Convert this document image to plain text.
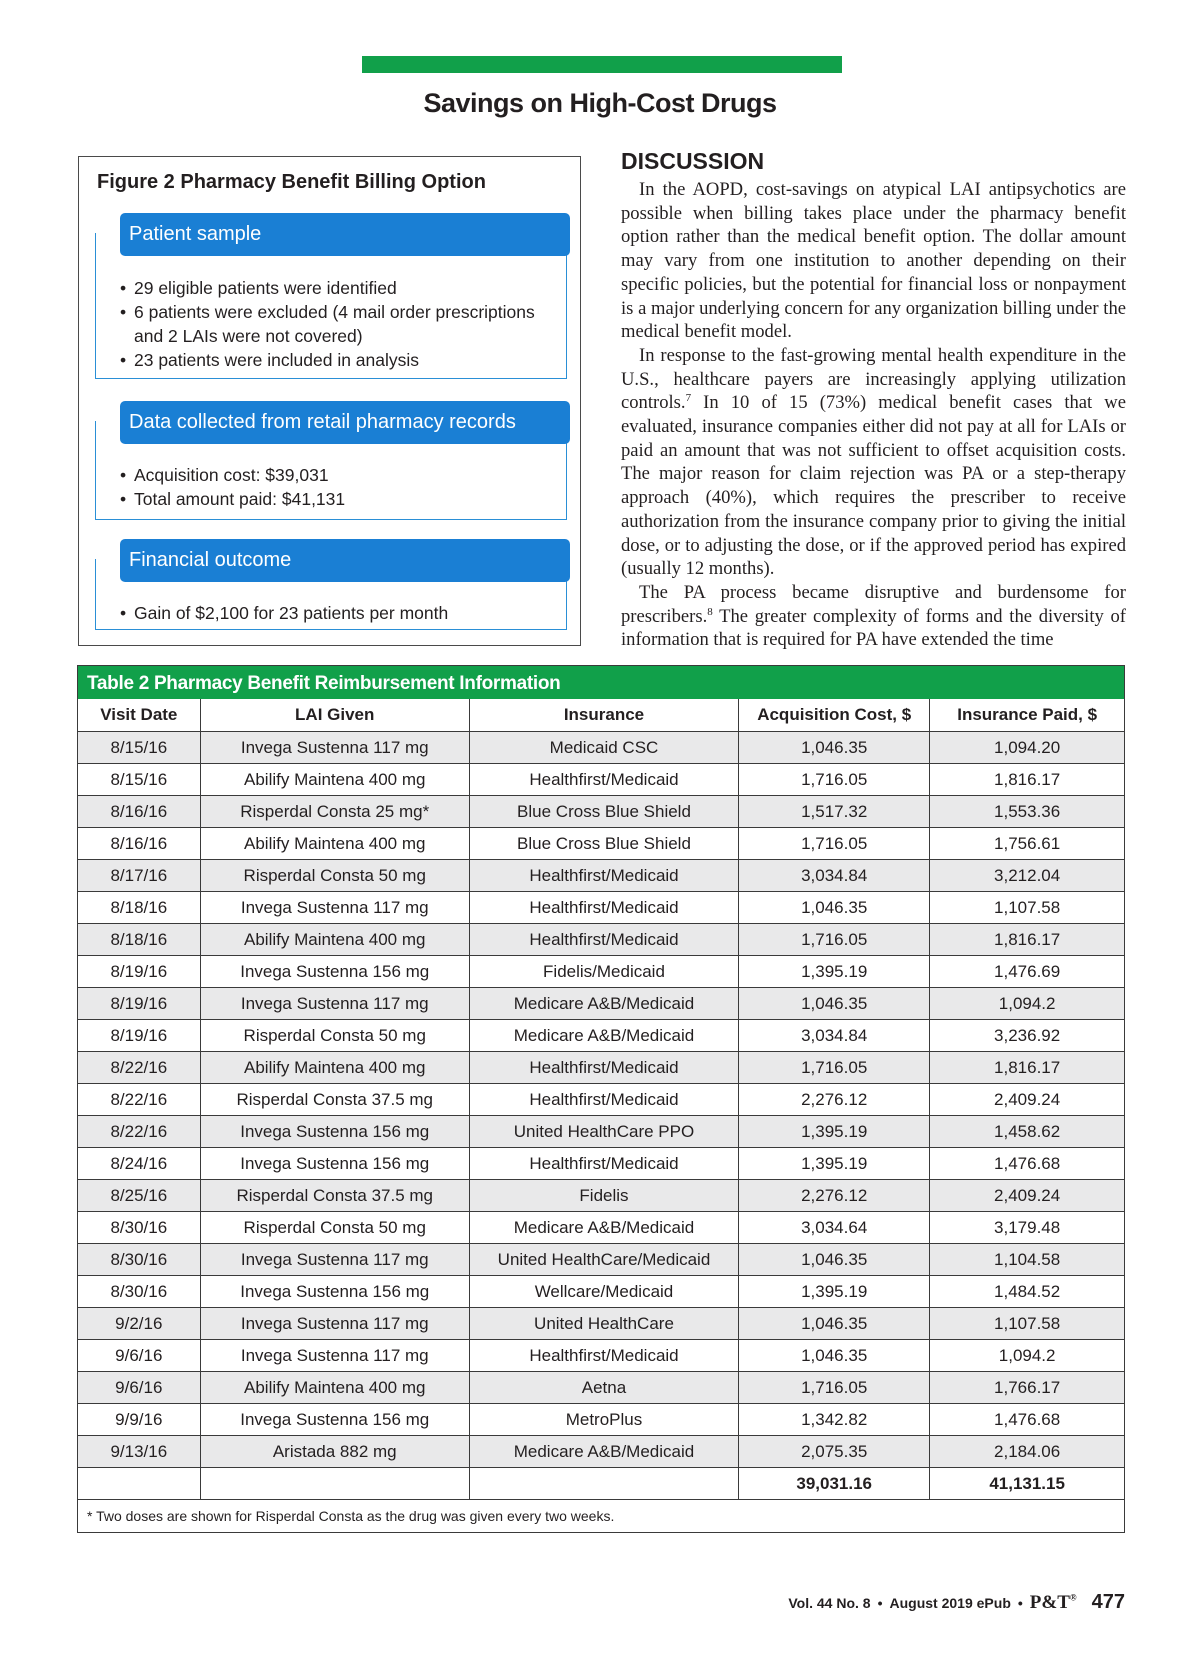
Savings on High-Cost Drugs
Figure 2 Pharmacy Benefit Billing Option
Patient sample
• 29 eligible patients were identified
• 6 patients were excluded (4 mail order prescriptions and 2 LAIs were not covered)
• 23 patients were included in analysis
Data collected from retail pharmacy records
• Acquisition cost: $39,031
• Total amount paid: $41,131
Financial outcome
• Gain of $2,100 for 23 patients per month
DISCUSSION

In the AOPD, cost-savings on atypical LAI antipsychotics are possible when billing takes place under the pharmacy benefit option rather than the medical benefit option. The dollar amount may vary from one institution to another depending on their specific policies, but the potential for financial loss or nonpayment is a major underlying concern for any organization billing under the medical benefit model.

In response to the fast-growing mental health expenditure in the U.S., healthcare payers are increasingly applying utilization controls.$^7$ In 10 of 15 (73%) medical benefit cases that we evaluated, insurance companies either did not pay at all for LAIs or paid an amount that was not sufficient to offset acquisition costs. The major reason for claim rejection was PA or a step-therapy approach (40%), which requires the prescriber to receive authorization from the insurance company prior to giving the initial dose, or to adjusting the dose, or if the approved period has expired (usually 12 months).

The PA process became disruptive and burdensome for prescribers.$^8$ The greater complexity of forms and the diversity of information that is required for PA have extended the time

Table 2 Pharmacy Benefit Reimbursement Information
Visit Date	LAI Given	Insurance	Acquisition Cost, $	Insurance Paid, $
8/15/16	Invega Sustenna 117 mg	Medicaid CSC	1,046.35	1,094.20
8/15/16	Abilify Maintena 400 mg	Healthfirst/Medicaid	1,716.05	1,816.17
8/16/16	Risperdal Consta 25 mg*	Blue Cross Blue Shield	1,517.32	1,553.36
8/16/16	Abilify Maintena 400 mg	Blue Cross Blue Shield	1,716.05	1,756.61
8/17/16	Risperdal Consta 50 mg	Healthfirst/Medicaid	3,034.84	3,212.04
8/18/16	Invega Sustenna 117 mg	Healthfirst/Medicaid	1,046.35	1,107.58
8/18/16	Abilify Maintena 400 mg	Healthfirst/Medicaid	1,716.05	1,816.17
8/19/16	Invega Sustenna 156 mg	Fidelis/Medicaid	1,395.19	1,476.69
8/19/16	Invega Sustenna 117 mg	Medicare A&B/Medicaid	1,046.35	1,094.2
8/19/16	Risperdal Consta 50 mg	Medicare A&B/Medicaid	3,034.84	3,236.92
8/22/16	Abilify Maintena 400 mg	Healthfirst/Medicaid	1,716.05	1,816.17
8/22/16	Risperdal Consta 37.5 mg	Healthfirst/Medicaid	2,276.12	2,409.24
8/22/16	Invega Sustenna 156 mg	United HealthCare PPO	1,395.19	1,458.62
8/24/16	Invega Sustenna 156 mg	Healthfirst/Medicaid	1,395.19	1,476.68
8/25/16	Risperdal Consta 37.5 mg	Fidelis	2,276.12	2,409.24
8/30/16	Risperdal Consta 50 mg	Medicare A&B/Medicaid	3,034.64	3,179.48
8/30/16	Invega Sustenna 117 mg	United HealthCare/Medicaid	1,046.35	1,104.58
8/30/16	Invega Sustenna 156 mg	Wellcare/Medicaid	1,395.19	1,484.52
9/2/16	Invega Sustenna 117 mg	United HealthCare	1,046.35	1,107.58
9/6/16	Invega Sustenna 117 mg	Healthfirst/Medicaid	1,046.35	1,094.2
9/6/16	Abilify Maintena 400 mg	Aetna	1,716.05	1,766.17
9/9/16	Invega Sustenna 156 mg	MetroPlus	1,342.82	1,476.68
9/13/16	Aristada 882 mg	Medicare A&B/Medicaid	2,075.35	2,184.06
			39,031.16	41,131.15
* Two doses are shown for Risperdal Consta as the drug was given every two weeks.
Vol. 44 No. 8 • August 2019 ePub • P&T® 477
